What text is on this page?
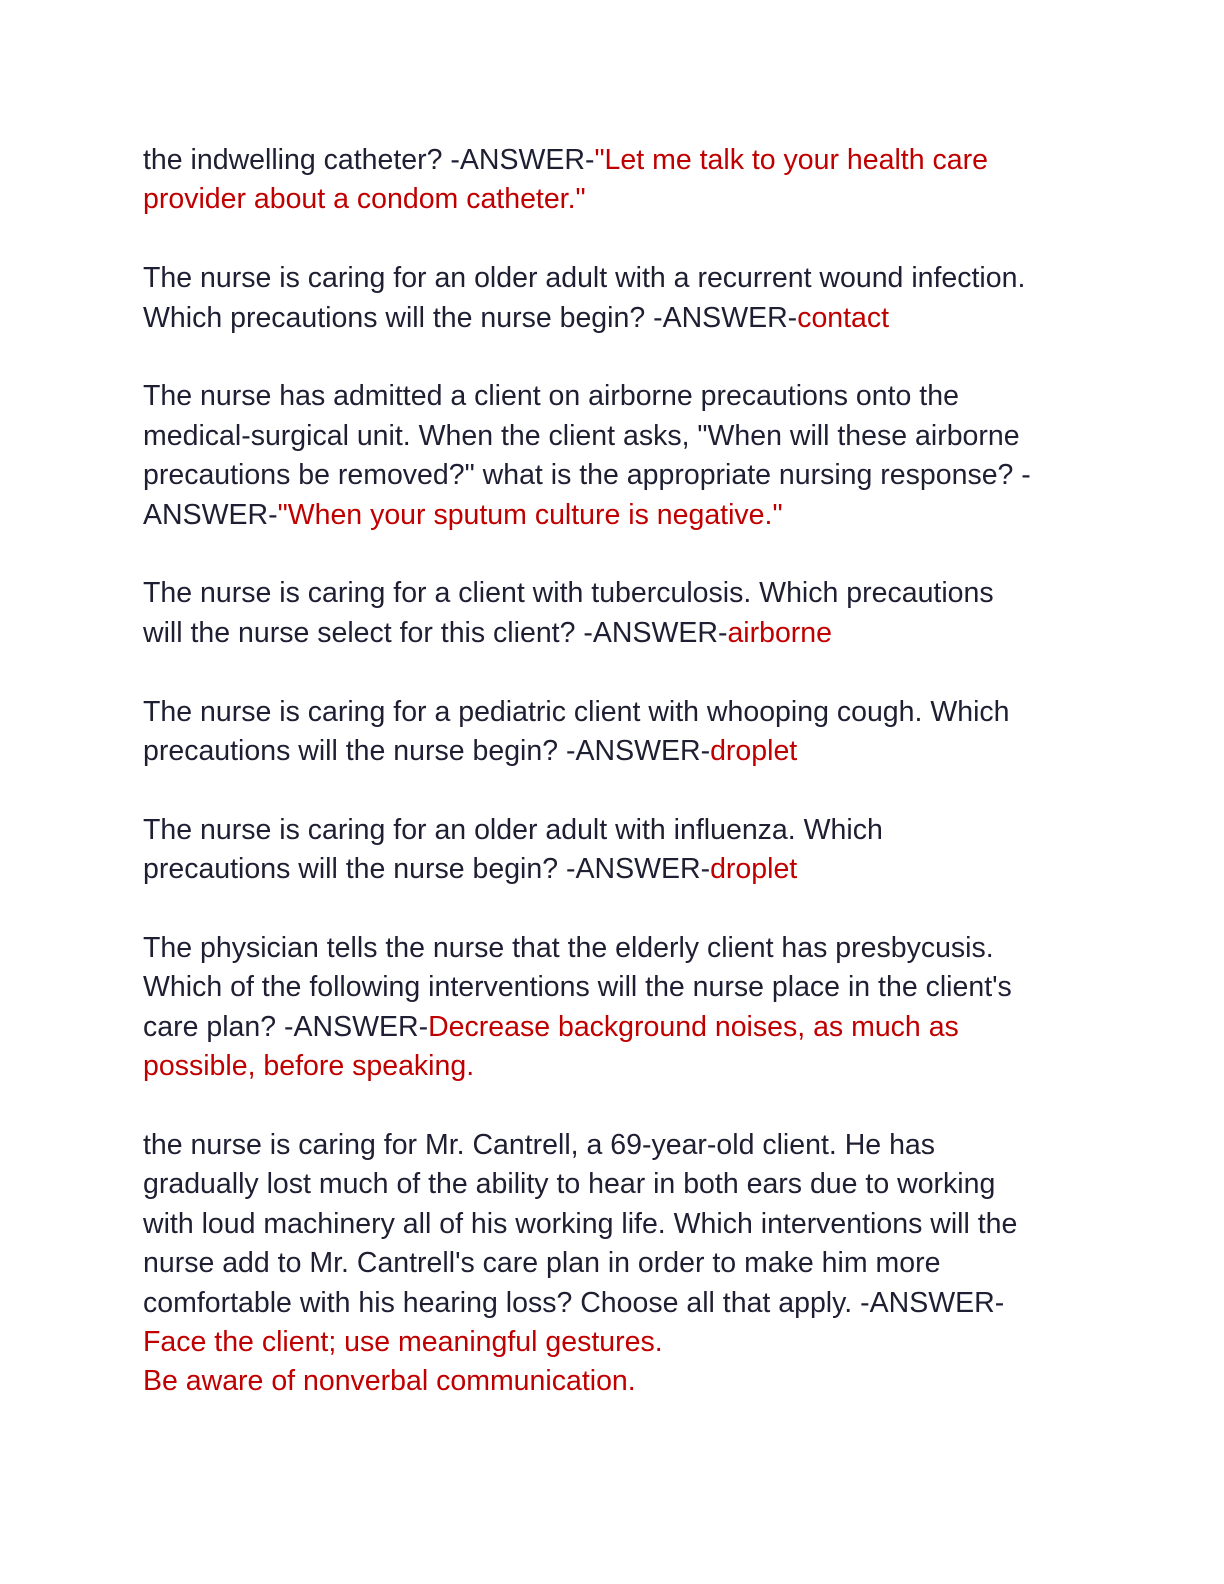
the indwelling catheter? -ANSWER-"Let me talk to your health care
provider about a condom catheter."
The nurse is caring for an older adult with a recurrent wound infection.
Which precautions will the nurse begin? -ANSWER-contact
The nurse has admitted a client on airborne precautions onto the
medical-surgical unit. When the client asks, "When will these airborne
precautions be removed?" what is the appropriate nursing response? -
ANSWER-"When your sputum culture is negative."
The nurse is caring for a client with tuberculosis. Which precautions
will the nurse select for this client? -ANSWER-airborne
The nurse is caring for a pediatric client with whooping cough. Which
precautions will the nurse begin? -ANSWER-droplet
The nurse is caring for an older adult with influenza. Which
precautions will the nurse begin? -ANSWER-droplet
The physician tells the nurse that the elderly client has presbycusis.
Which of the following interventions will the nurse place in the client's
care plan? -ANSWER-Decrease background noises, as much as
possible, before speaking.
the nurse is caring for Mr. Cantrell, a 69-year-old client. He has
gradually lost much of the ability to hear in both ears due to working
with loud machinery all of his working life. Which interventions will the
nurse add to Mr. Cantrell's care plan in order to make him more
comfortable with his hearing loss? Choose all that apply. -ANSWER-
Face the client; use meaningful gestures.
Be aware of nonverbal communication.
